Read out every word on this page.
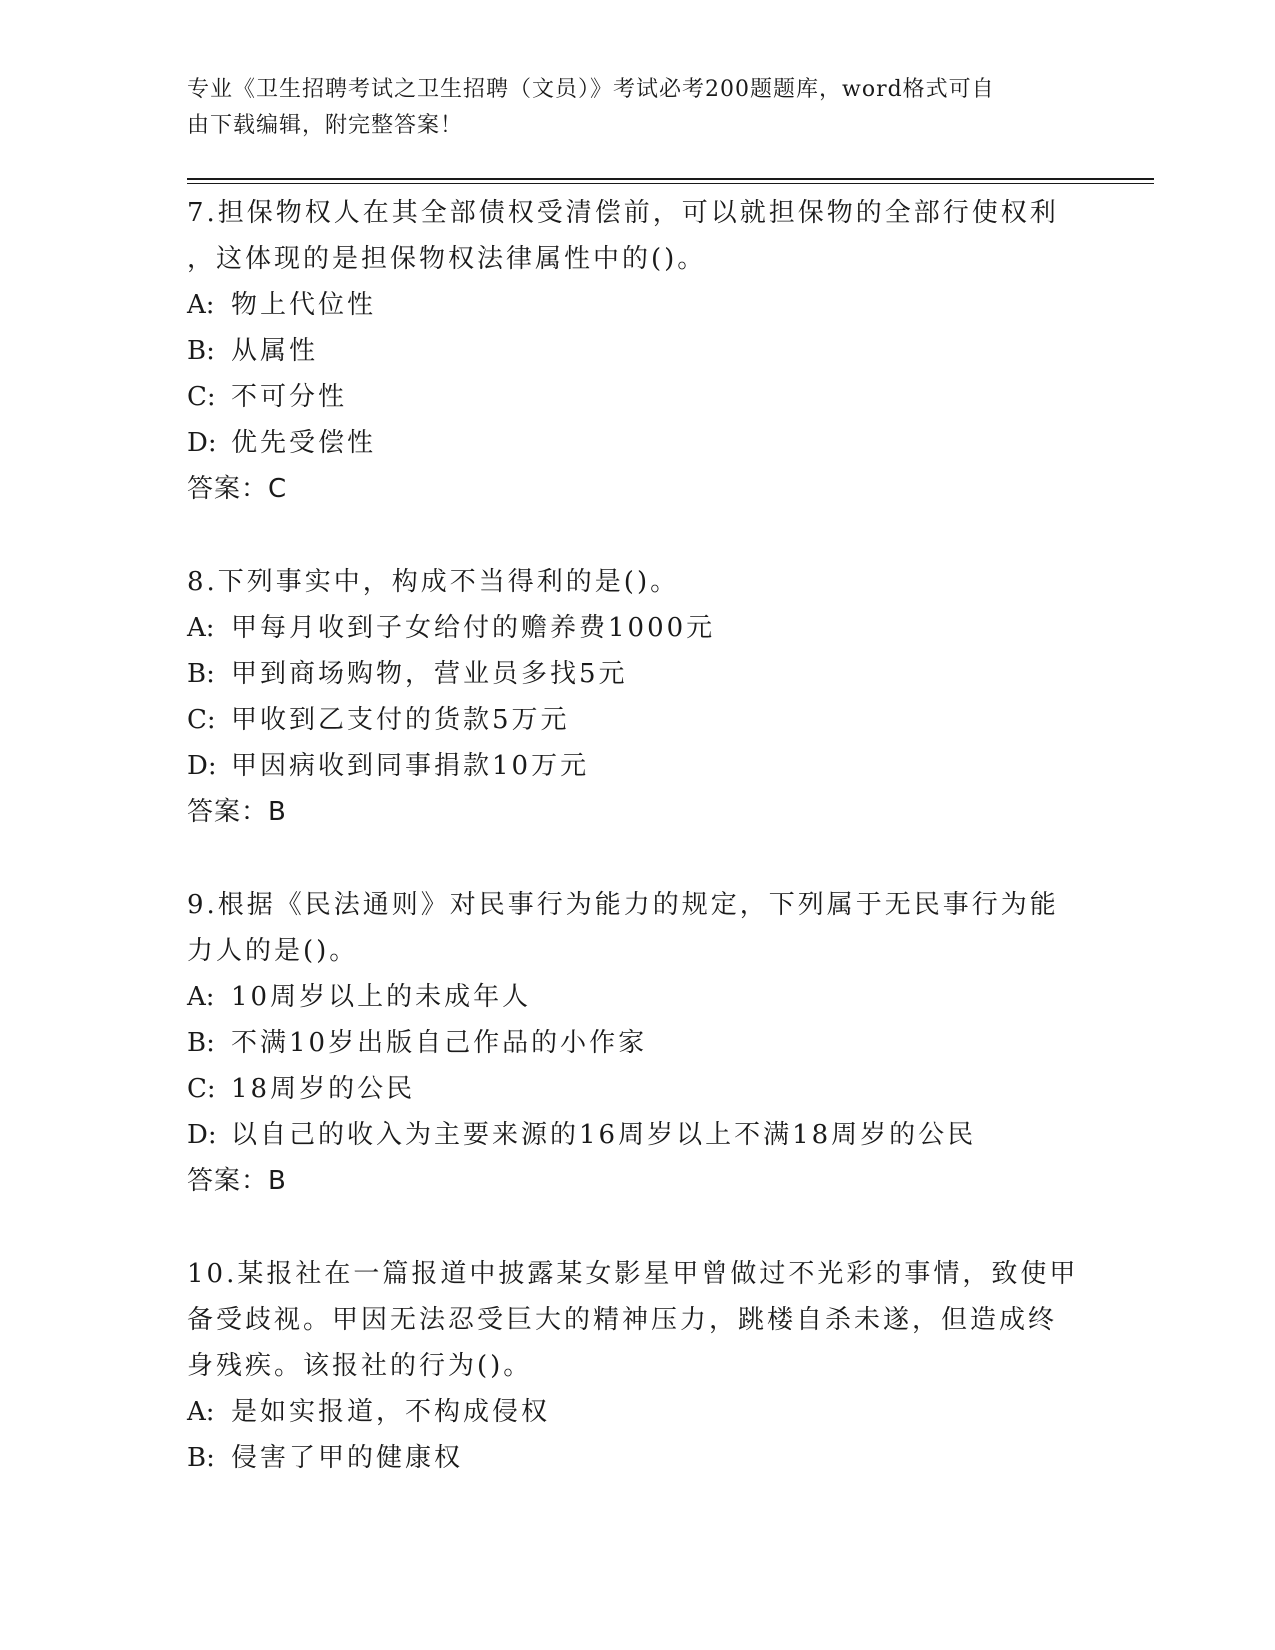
专业《卫生招聘考试之卫生招聘（文员）》考试必考200题题库，word格式可自
由下载编辑，附完整答案！
7.担保物权人在其全部债权受清偿前，可以就担保物的全部行使权利
，这体现的是担保物权法律属性中的()。
A: 物上代位性
B: 从属性
C: 不可分性
D: 优先受偿性
答案：C
8.下列事实中，构成不当得利的是()。
A: 甲每月收到子女给付的赡养费1000元
B: 甲到商场购物，营业员多找5元
C: 甲收到乙支付的货款5万元
D: 甲因病收到同事捐款10万元
答案：B
9.根据《民法通则》对民事行为能力的规定，下列属于无民事行为能
力人的是()。
A: 10周岁以上的未成年人
B: 不满10岁出版自己作品的小作家
C: 18周岁的公民
D: 以自己的收入为主要来源的16周岁以上不满18周岁的公民
答案：B
10.某报社在一篇报道中披露某女影星甲曾做过不光彩的事情，致使甲
备受歧视。甲因无法忍受巨大的精神压力，跳楼自杀未遂，但造成终
身残疾。该报社的行为()。
A: 是如实报道，不构成侵权
B: 侵害了甲的健康权
